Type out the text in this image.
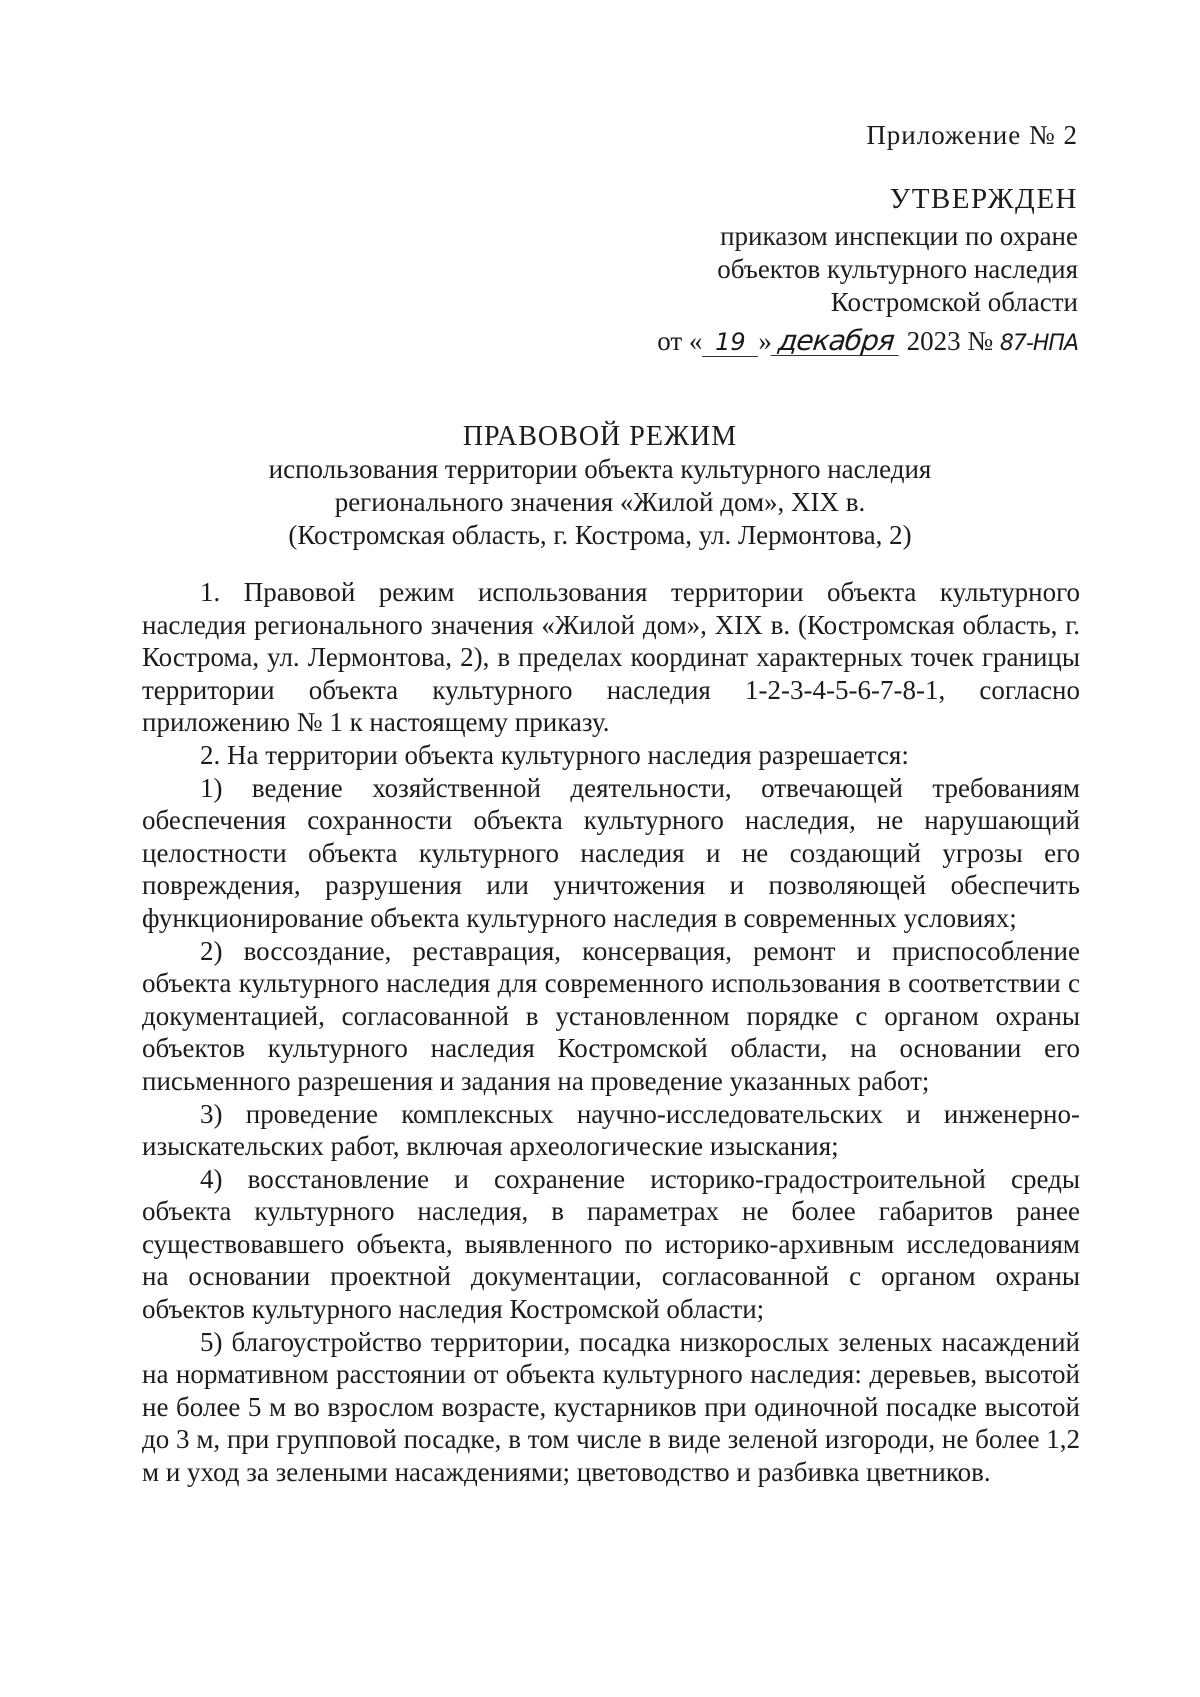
Приложение № 2
УТВЕРЖДЕН
приказом инспекции по охране
объектов культурного наследия
Костромской области
от « 19 » декабря 2023 № 87-НПА
ПРАВОВОЙ РЕЖИМ
использования территории объекта культурного наследия
регионального значения «Жилой дом», XIX в.
(Костромская область, г. Кострома, ул. Лермонтова, 2)

1. Правовой режим использования территории объекта культурного наследия регионального значения «Жилой дом», XIX в. (Костромская область, г. Кострома, ул. Лермонтова, 2), в пределах координат характерных точек границы территории объекта культурного наследия 1-2-3-4-5-6-7-8-1, согласно приложению № 1 к настоящему приказу.

2. На территории объекта культурного наследия разрешается:

1) ведение хозяйственной деятельности, отвечающей требованиям обеспечения сохранности объекта культурного наследия, не нарушающий целостности объекта культурного наследия и не создающий угрозы его повреждения, разрушения или уничтожения и позволяющей обеспечить функционирование объекта культурного наследия в современных условиях;

2) воссоздание, реставрация, консервация, ремонт и приспособление объекта культурного наследия для современного использования в соответствии с документацией, согласованной в установленном порядке с органом охраны объектов культурного наследия Костромской области, на основании его письменного разрешения и задания на проведение указанных работ;

3) проведение комплексных научно-исследовательских и инженерно-изыскательских работ, включая археологические изыскания;

4) восстановление и сохранение историко-градостроительной среды объекта культурного наследия, в параметрах не более габаритов ранее существовавшего объекта, выявленного по историко-архивным исследованиям на основании проектной документации, согласованной с органом охраны объектов культурного наследия Костромской области;

5) благоустройство территории, посадка низкорослых зеленых насаждений на нормативном расстоянии от объекта культурного наследия: деревьев, высотой не более 5 м во взрослом возрасте, кустарников при одиночной посадке высотой до 3 м, при групповой посадке, в том числе в виде зеленой изгороди, не более 1,2 м и уход за зелеными насаждениями; цветоводство и разбивка цветников.
